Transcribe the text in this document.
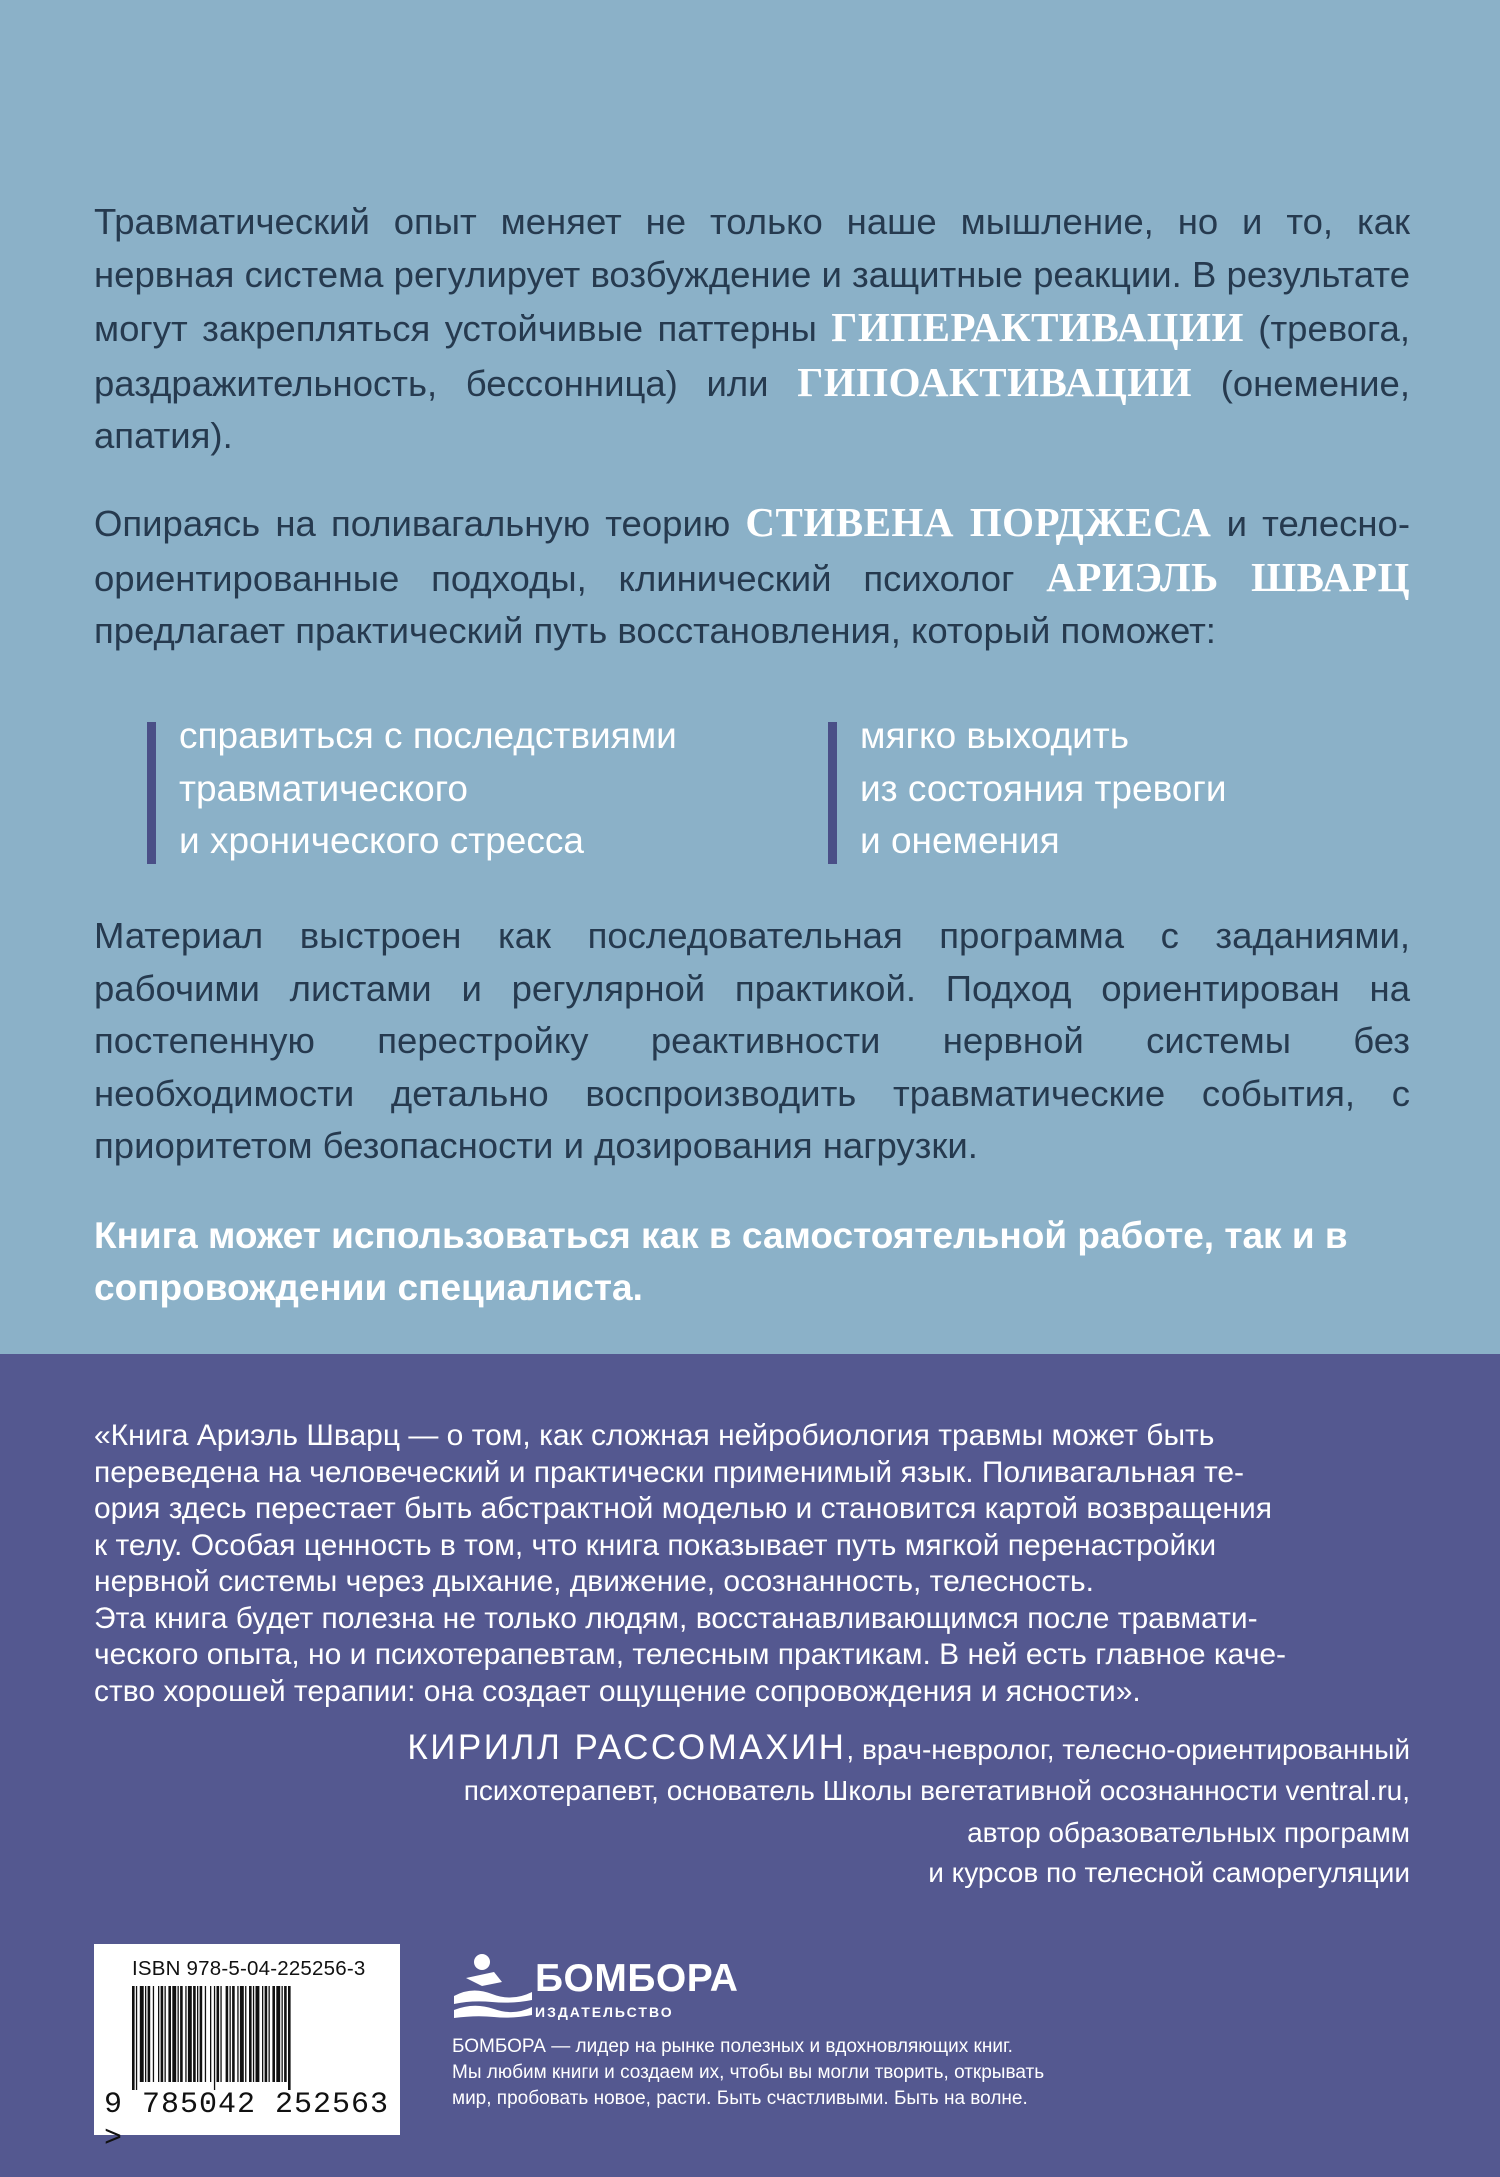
Травматический опыт меняет не только наше мышление, но и то, как нервная система регулирует возбуждение и защитные реакции. В результате могут закрепляться устойчивые паттерны ГИПЕРАКТИВАЦИИ (тревога, раздражительность, бессонница) или ГИПОАКТИВАЦИИ (онемение, апатия).

Опираясь на поливагальную теорию СТИВЕНА ПОРДЖЕСА и телесно-ориентированные подходы, клинический психолог АРИЭЛЬ ШВАРЦ предлагает практический путь восстановления, который поможет:

справиться с последствиями
травматического
и хронического стресса
мягко выходить
из состояния тревоги
и онемения

Материал выстроен как последовательная программа с заданиями, рабочими листами и регулярной практикой. Подход ориентирован на постепенную перестройку реактивности нервной системы без необходимости детально воспроизводить травматические события, с приоритетом безопасности и дозирования нагрузки.

Книга может использоваться как в самостоятельной работе, так и в сопровождении специалиста.

«Книга Ариэль Шварц — о том, как сложная нейробиология травмы может быть
переведена на человеческий и практически применимый язык. Поливагальная те-
ория здесь перестает быть абстрактной моделью и становится картой возвращения
к телу. Особая ценность в том, что книга показывает путь мягкой перенастройки
нервной системы через дыхание, движение, осознанность, телесность.
Эта книга будет полезна не только людям, восстанавливающимся после травмати-
ческого опыта, но и психотерапевтам, телесным практикам. В ней есть главное каче-
ство хорошей терапии: она создает ощущение сопровождения и ясности».
КИРИЛЛ РАССОМАХИН, врач-невролог, телесно-ориентированный
психотерапевт, основатель Школы вегетативной осознанности ventral.ru,
автор образовательных программ
и курсов по телесной саморегуляции
ISBN 978-5-04-225256-3
9 785042 252563 >
БОМБОРА
ИЗДАТЕЛЬСТВО
БОМБОРА — лидер на рынке полезных и вдохновляющих книг.
Мы любим книги и создаем их, чтобы вы могли творить, открывать
мир, пробовать новое, расти. Быть счастливыми. Быть на волне.
